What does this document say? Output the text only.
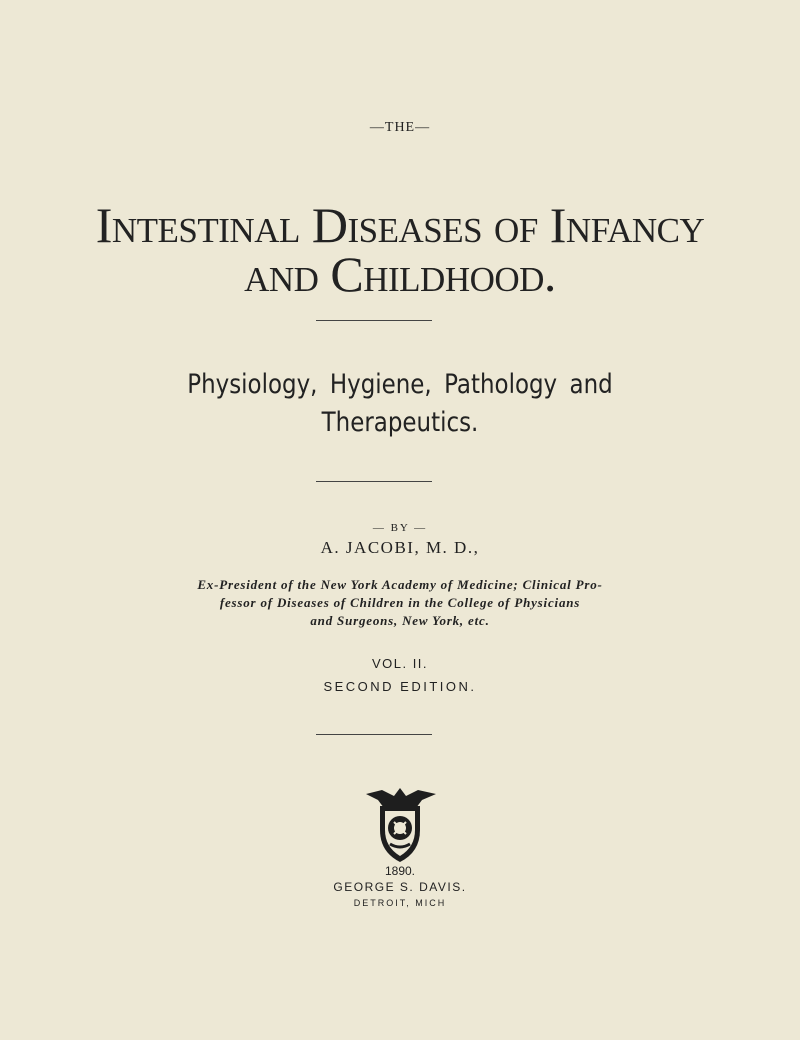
—THE—
Intestinal Diseases of Infancy
and Childhood.
Physiology, Hygiene, Pathology and
Therapeutics.
— BY —
A. JACOBI, M. D.,
Ex-President of the New York Academy of Medicine; Clinical Pro-
fessor of Diseases of Children in the College of Physicians
and Surgeons, New York, etc.
VOL. II.
SECOND EDITION.
1890.
GEORGE S. DAVIS.
DETROIT, MICH
